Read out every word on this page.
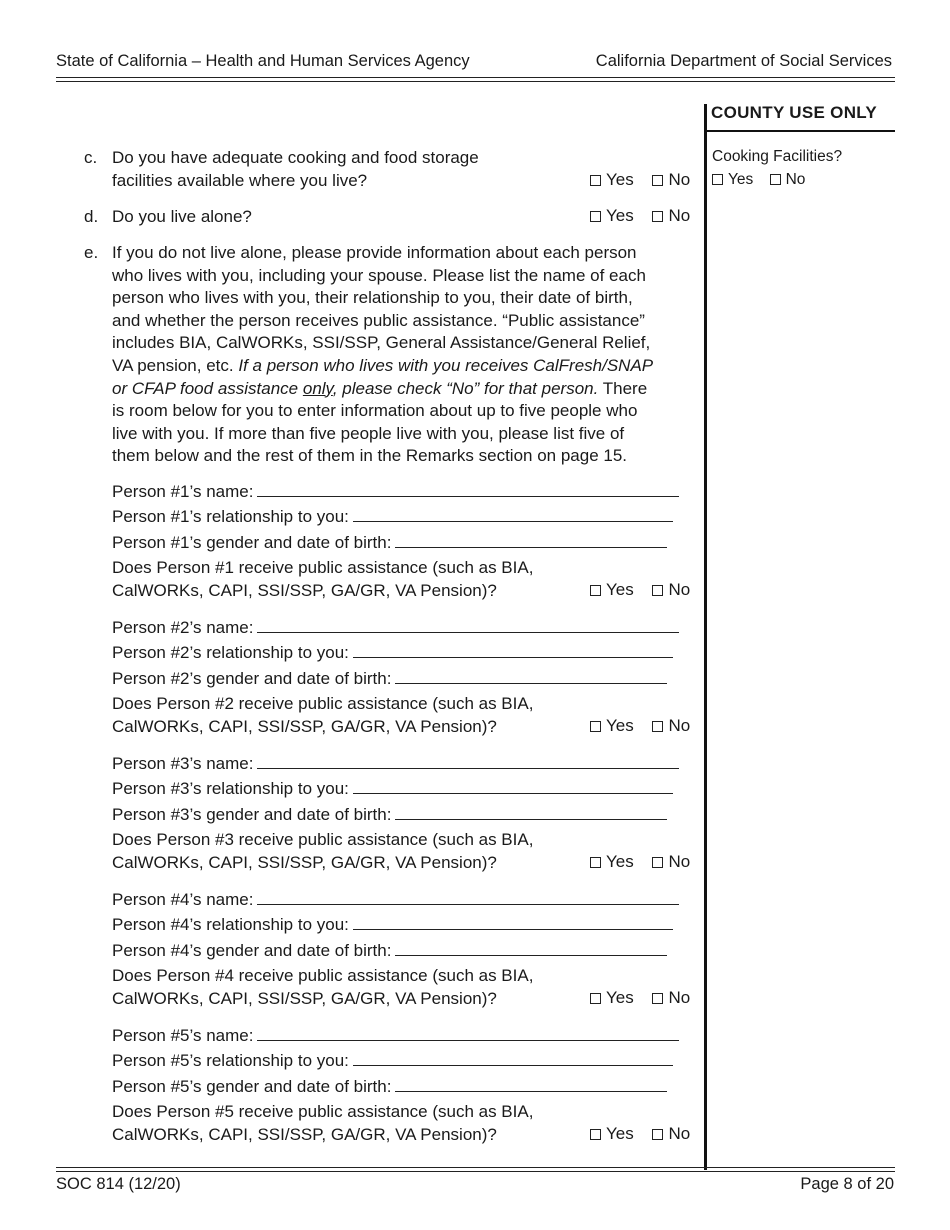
State of California – Health and Human Services Agency	California Department of Social Services
COUNTY USE ONLY
Cooking Facilities?
Yes No
c. Do you have adequate cooking and food storage
facilities available where you live?	Yes No
d. Do you live alone?	Yes No
e. If you do not live alone, please provide information about each person
who lives with you, including your spouse. Please list the name of each
person who lives with you, their relationship to you, their date of birth,
and whether the person receives public assistance. “Public assistance”
includes BIA, CalWORKs, SSI/SSP, General Assistance/General Relief,
VA pension, etc. If a person who lives with you receives CalFresh/SNAP
or CFAP food assistance only, please check “No” for that person. There
is room below for you to enter information about up to five people who
live with you. If more than five people live with you, please list five of
them below and the rest of them in the Remarks section on page 15.
Person #1’s name:
Person #1’s relationship to you:
Person #1’s gender and date of birth:
Does Person #1 receive public assistance (such as BIA,
CalWORKs, CAPI, SSI/SSP, GA/GR, VA Pension)?	Yes No
Person #2’s name:
Person #2’s relationship to you:
Person #2’s gender and date of birth:
Does Person #2 receive public assistance (such as BIA,
CalWORKs, CAPI, SSI/SSP, GA/GR, VA Pension)?	Yes No
Person #3’s name:
Person #3’s relationship to you:
Person #3’s gender and date of birth:
Does Person #3 receive public assistance (such as BIA,
CalWORKs, CAPI, SSI/SSP, GA/GR, VA Pension)?	Yes No
Person #4’s name:
Person #4’s relationship to you:
Person #4’s gender and date of birth:
Does Person #4 receive public assistance (such as BIA,
CalWORKs, CAPI, SSI/SSP, GA/GR, VA Pension)?	Yes No
Person #5’s name:
Person #5’s relationship to you:
Person #5’s gender and date of birth:
Does Person #5 receive public assistance (such as BIA,
CalWORKs, CAPI, SSI/SSP, GA/GR, VA Pension)?	Yes No
SOC 814 (12/20)	Page 8 of 20
